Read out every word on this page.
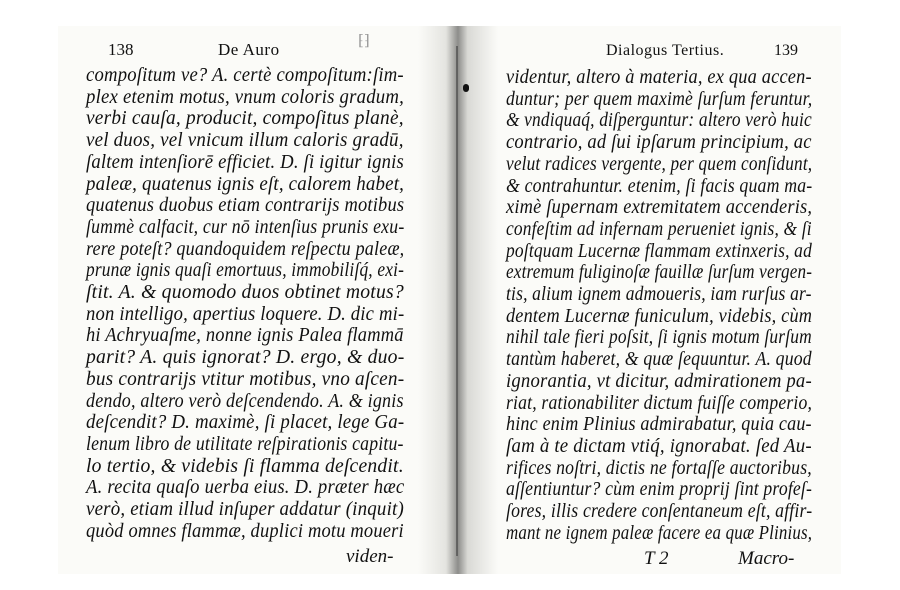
138	De Auro	⁅⁆
compoſitum ve? A. certè compoſitum:ſim-
plex etenim motus, vnum coloris gradum,
verbi cauſa, producit, compoſitus planè,
vel duos, vel vnicum illum caloris gradū,
ſaltem intenſiorē efficiet. D. ſi igitur ignis
paleæ, quatenus ignis eſt, calorem habet,
quatenus duobus etiam contrarijs motibus
ſummè calfacit, cur nō intenſius prunis exu-
rere poteſt? quandoquidem reſpectu paleæ,
prunæ ignis quaſi emortuus, immobiliſq́, exi-
ſtit. A. & quomodo duos obtinet motus?
non intelligo, apertius loquere. D. dic mi-
hi Achryuaſme, nonne ignis Palea flammā
parit? A. quis ignorat? D. ergo, & duo-
bus contrarijs vtitur motibus, vno aſcen-
dendo, altero verò deſcendendo. A. & ignis
deſcendit? D. maximè, ſi placet, lege Ga-
lenum libro de utilitate reſpirationis capitu-
lo tertio, & videbis ſi flamma deſcendit.
A. recita quaſo uerba eius. D. præter hæc
verò, etiam illud inſuper addatur (inquit)
quòd omnes flammæ, duplici motu moueri
viden-
Dialogus Tertius.	139
videntur, altero à materia, ex qua accen-
duntur; per quem maximè ſurſum feruntur,
& vndiquaq́, diſperguntur: altero verò huic
contrario, ad ſui ipſarum principium, ac
velut radices vergente, per quem conſidunt,
& contrahuntur. etenim, ſi facis quam ma-
ximè ſupernam extremitatem accenderis,
confeſtim ad infernam perueniet ignis, & ſi
poſtquam Lucernæ flammam extinxeris, ad
extremum fuliginoſæ fauillæ ſurſum vergen-
tis, alium ignem admoueris, iam rurſus ar-
dentem Lucernæ funiculum, videbis, cùm
nihil tale fieri poſsit, ſi ignis motum ſurſum
tantùm haberet, & quæ ſequuntur. A. quod
ignorantia, vt dicitur, admirationem pa-
riat, rationabiliter dictum fuiſſe comperio,
hinc enim Plinius admirabatur, quia cau-
ſam à te dictam vtiq́, ignorabat. ſed Au-
rifices noſtri, dictis ne fortaſſe auctoribus,
aſſentiuntur? cùm enim proprij ſint profeſ-
ſores, illis credere conſentaneum eſt, affir-
mant ne ignem paleæ facere ea quæ Plinius,
T 2	Macro-
